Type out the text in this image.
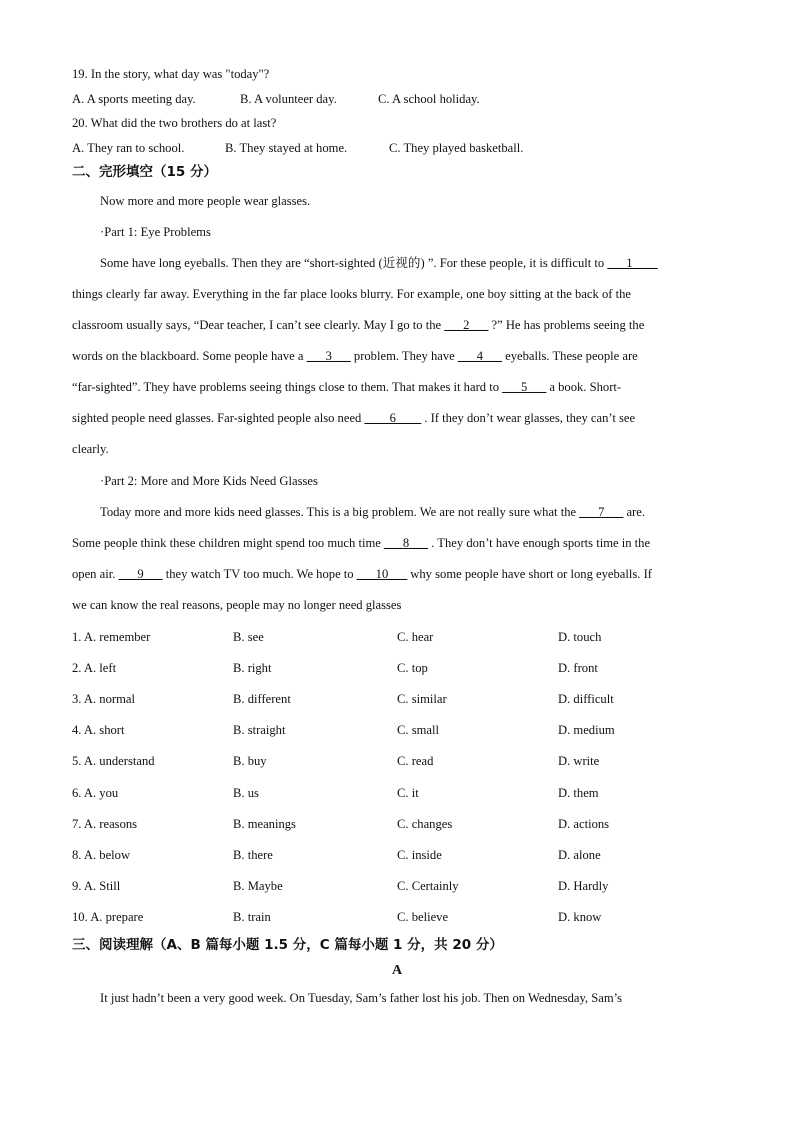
19. In the story, what day was "today"?
A. A sports meeting day.	B. A volunteer day.	C. A school holiday.
20. What did the two brothers do at last?
A. They ran to school.	B. They stayed at home.	C. They played basketball.
二、完形填空（15 分）
Now more and more people wear glasses.
·Part 1: Eye Problems
Some have long eyeballs. Then they are “short-sighted (近视的) ”. For these people, it is difficult to ___1____
things clearly far away. Everything in the far place looks blurry. For example, one boy sitting at the back of the
classroom usually says, “Dear teacher, I can’t see clearly. May I go to the ___2___ ?” He has problems seeing the
words on the blackboard. Some people have a ___3___ problem. They have ___4___ eyeballs. These people are
“far-sighted”. They have problems seeing things close to them. That makes it hard to ___5___ a book. Short-
sighted people need glasses. Far-sighted people also need ____6____ . If they don’t wear glasses, they can’t see
clearly.
·Part 2: More and More Kids Need Glasses
Today more and more kids need glasses. This is a big problem. We are not really sure what the ___7___ are.
Some people think these children might spend too much time ___8___ . They don’t have enough sports time in the
open air. ___9___ they watch TV too much. We hope to ___10___ why some people have short or long eyeballs. If
we can know the real reasons, people may no longer need glasses
1. A. remember	B. see	C. hear	D. touch
2. A. left	B. right	C. top	D. front
3. A. normal	B. different	C. similar	D. difficult
4. A. short	B. straight	C. small	D. medium
5. A. understand	B. buy	C. read	D. write
6. A. you	B. us	C. it	D. them
7. A. reasons	B. meanings	C. changes	D. actions
8. A. below	B. there	C. inside	D. alone
9. A. Still	B. Maybe	C. Certainly	D. Hardly
10. A. prepare	B. train	C. believe	D. know
三、阅读理解（A、B 篇每小题 1.5 分，C 篇每小题 1 分，共 20 分）
A
It just hadn’t been a very good week. On Tuesday, Sam’s father lost his job. Then on Wednesday, Sam’s
